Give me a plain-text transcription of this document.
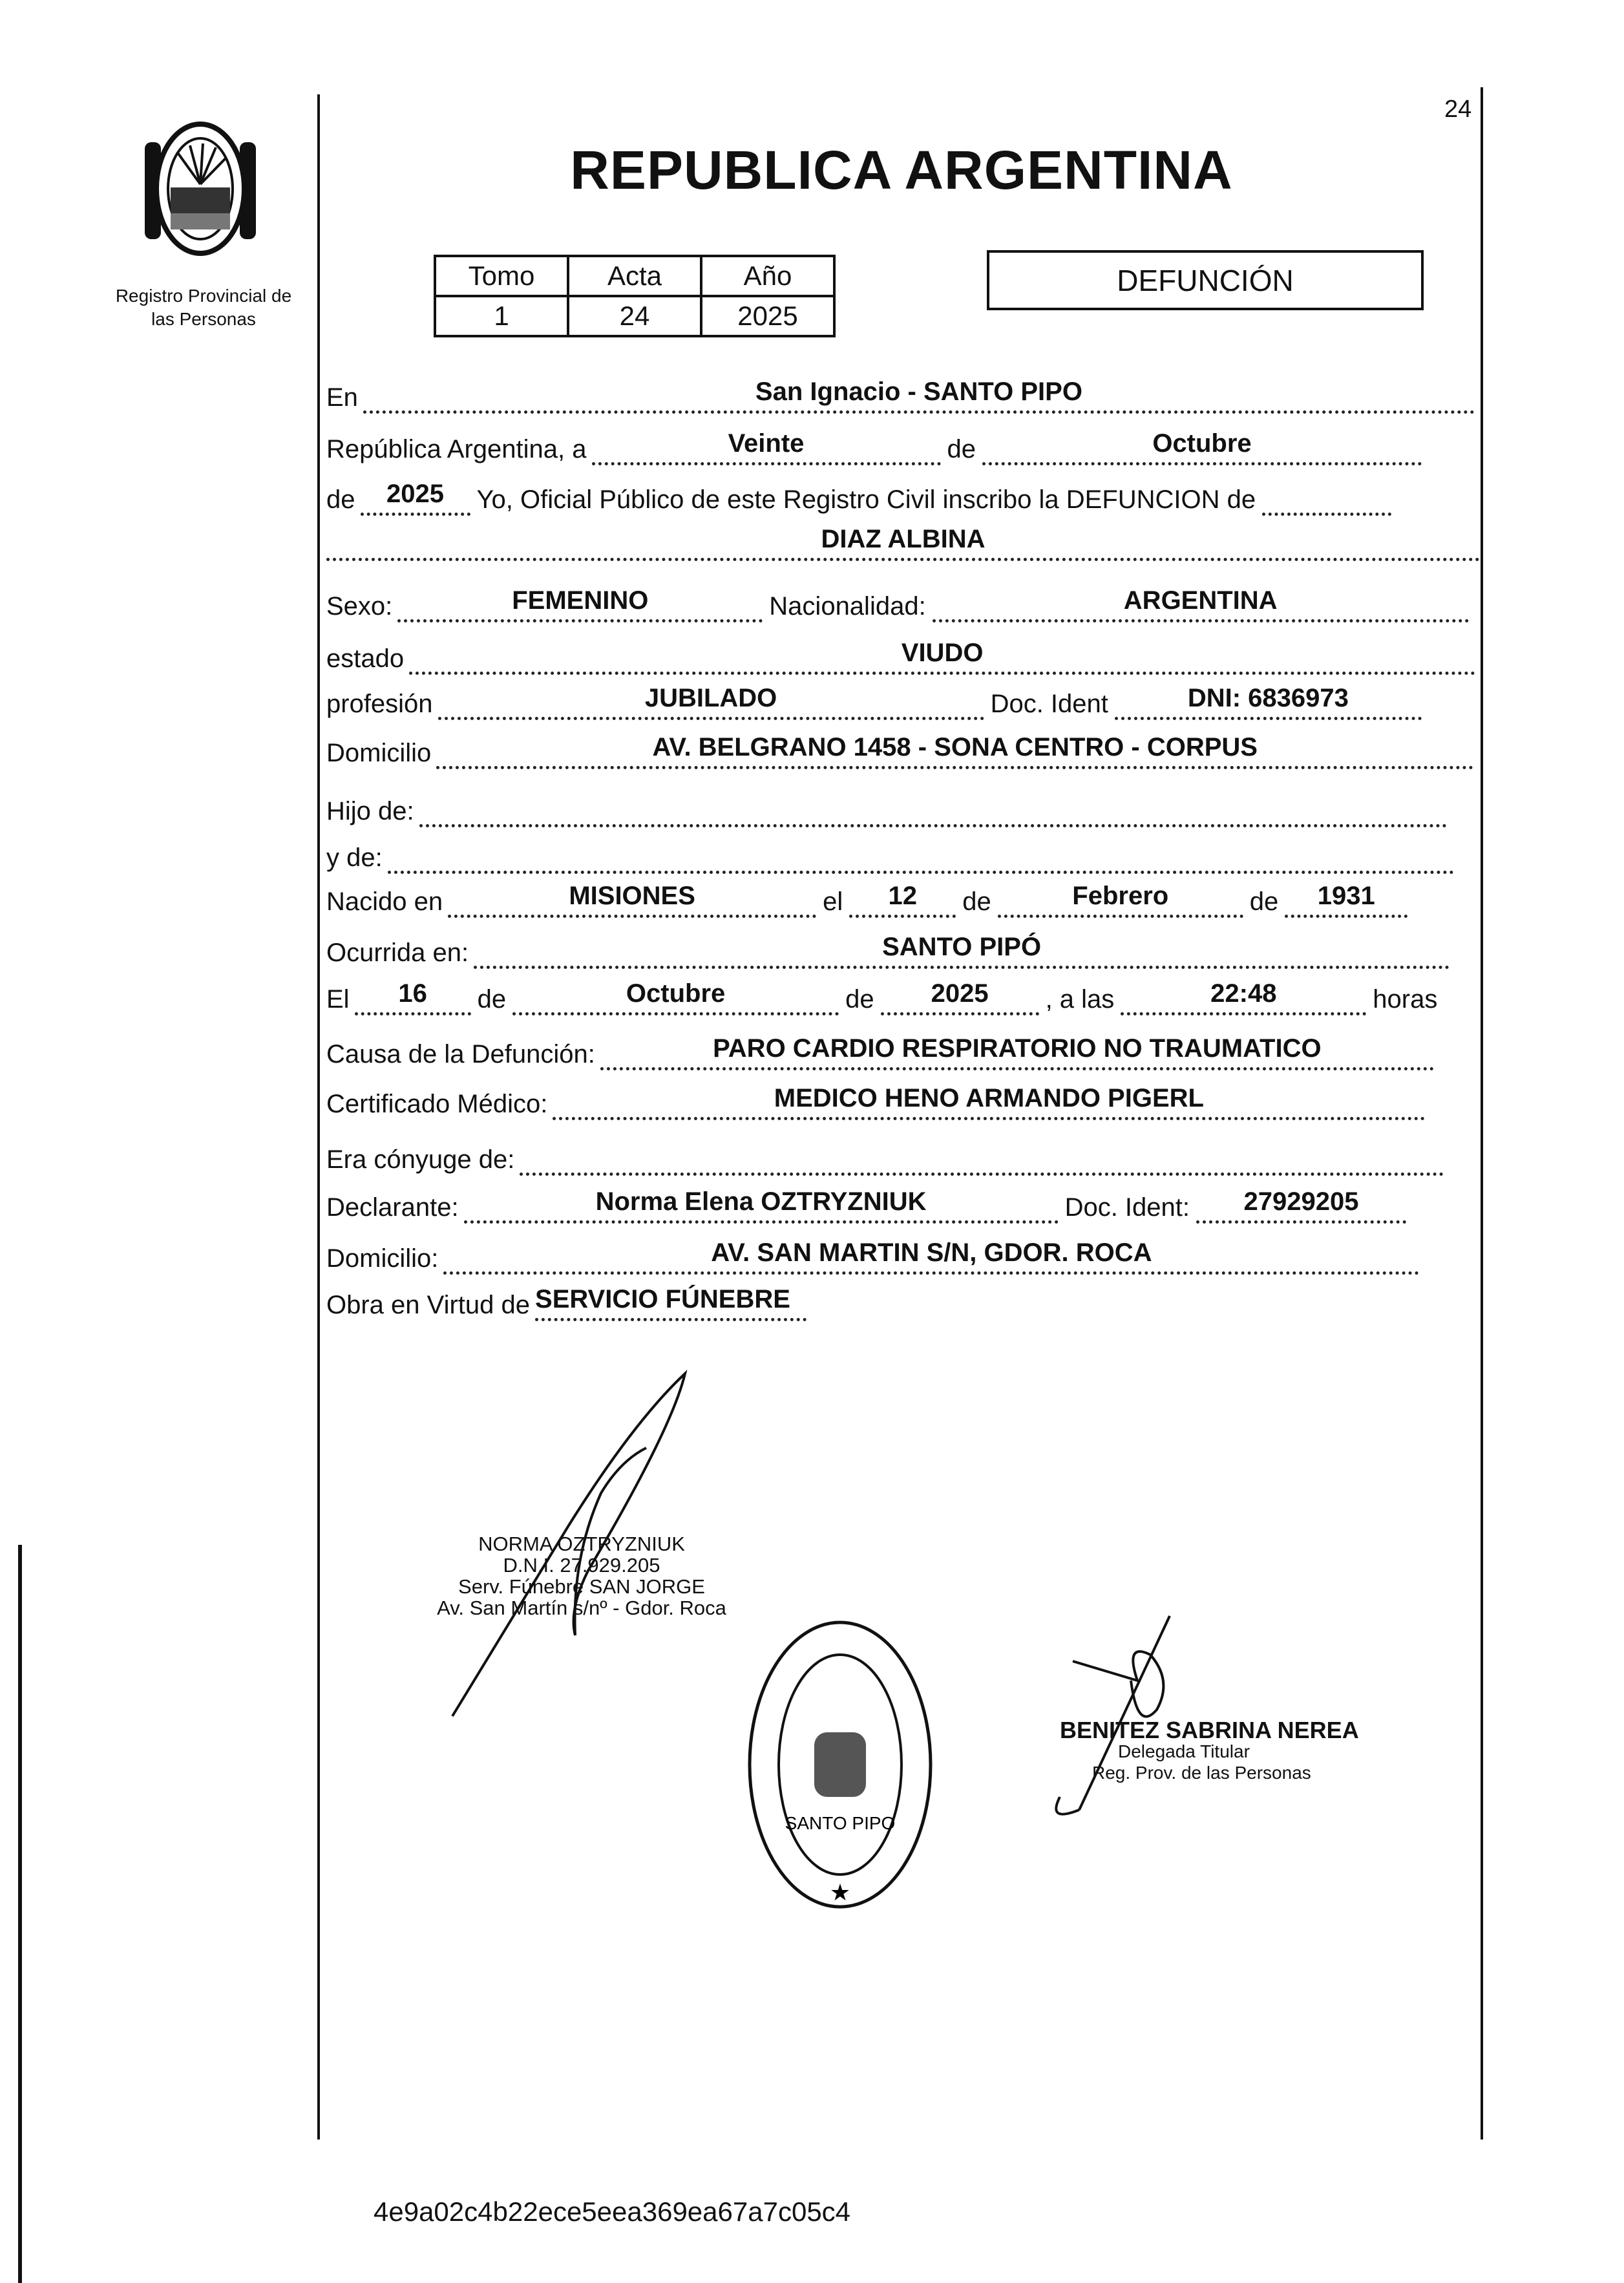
24
Registro Provincial de
las Personas
REPUBLICA ARGENTINA
Tomo	Acta	Año
1	24	2025
DEFUNCIÓN
En	San Ignacio - SANTO PIPO
República Argentina, a	Veinte	de	Octubre
de 2025 Yo, Oficial Público de este Registro Civil inscribo la DEFUNCION de
DIAZ ALBINA
Sexo:	FEMENINO	Nacionalidad:	ARGENTINA
estado	VIUDO
profesión	JUBILADO	Doc. Ident	DNI: 6836973
Domicilio	AV. BELGRANO 1458 - SONA CENTRO - CORPUS
Hijo de:
y de:
Nacido en	MISIONES	el 12 de	Febrero	de 1931
Ocurrida en:	SANTO PIPÓ
El 16 de	Octubre	de 2025 , a las	22:48	horas
Causa de la Defunción:	PARO CARDIO RESPIRATORIO NO TRAUMATICO
Certificado Médico:	MEDICO HENO ARMANDO PIGERL
Era cónyuge de:
Declarante:	Norma Elena OZTRYZNIUK	Doc. Ident: 27929205
Domicilio:	AV. SAN MARTIN S/N, GDOR. ROCA
Obra en Virtud de SERVICIO FÚNEBRE
NORMA OZTRYZNIUK
D.N.I. 27.929.205
Serv. Fúnebre SAN JORGE
Av. San Martín s/nº - Gdor. Roca
SANTO PIPO
★
BENITEZ SABRINA NEREA
Delegada Titular
Reg. Prov. de las Personas
4e9a02c4b22ece5eea369ea67a7c05c4
